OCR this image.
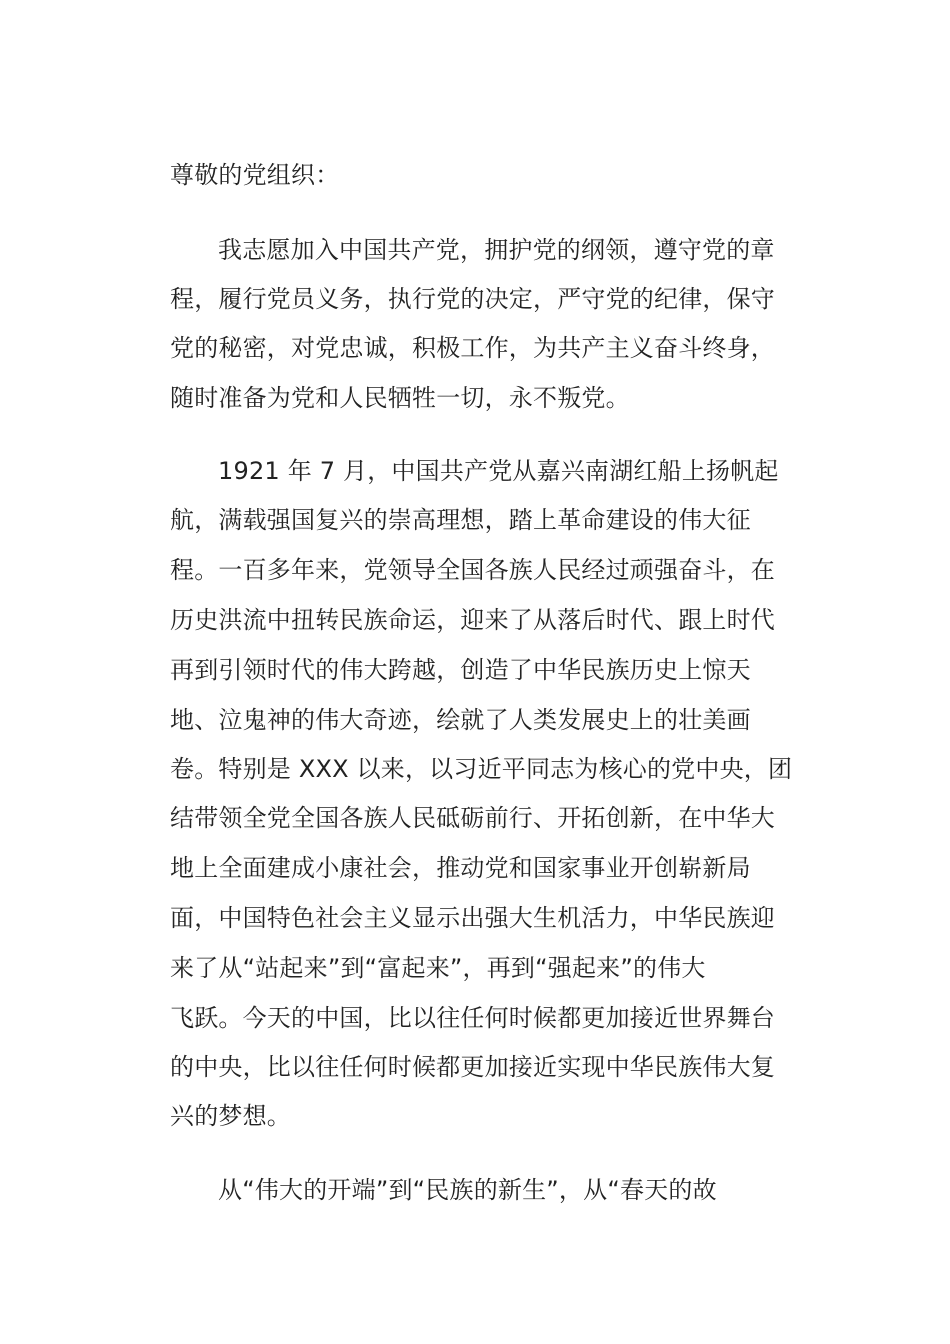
尊敬的党组织：
我志愿加入中国共产党，拥护党的纲领，遵守党的章
程，履行党员义务，执行党的决定，严守党的纪律，保守
党的秘密，对党忠诚，积极工作，为共产主义奋斗终身，
随时准备为党和人民牺牲一切，永不叛党。
1921 年 7 月，中国共产党从嘉兴南湖红船上扬帆起
航，满载强国复兴的崇高理想，踏上革命建设的伟大征
程。一百多年来，党领导全国各族人民经过顽强奋斗，在
历史洪流中扭转民族命运，迎来了从落后时代、跟上时代
再到引领时代的伟大跨越，创造了中华民族历史上惊天
地、泣鬼神的伟大奇迹，绘就了人类发展史上的壮美画
卷。特别是 XXX 以来，以习近平同志为核心的党中央，团
结带领全党全国各族人民砥砺前行、开拓创新，在中华大
地上全面建成小康社会，推动党和国家事业开创崭新局
面，中国特色社会主义显示出强大生机活力，中华民族迎
来了从“站起来”到“富起来”，再到“强起来”的伟大
飞跃。今天的中国，比以往任何时候都更加接近世界舞台
的中央，比以往任何时候都更加接近实现中华民族伟大复
兴的梦想。
从“伟大的开端”到“民族的新生”，从“春天的故
